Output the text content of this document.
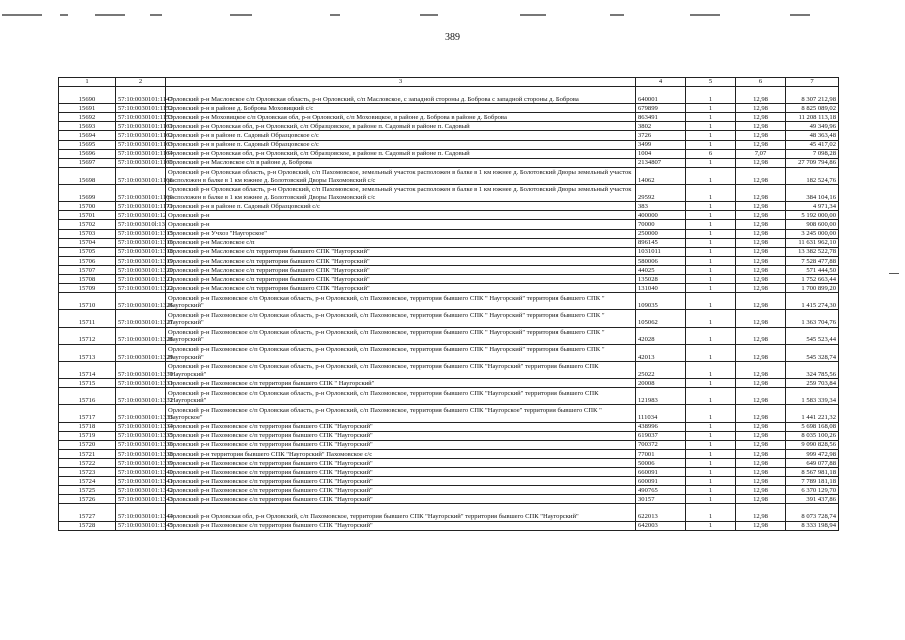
389
1	2	3	4	5	6	7
15690	57:10:0030101:1147	Орловский р-н Масловское с/п Орловская область, р-н Орловский, с/п Масловское, с западной стороны д. Боброва с западной стороны д. Боброва	640001	1	12,98	8 307 212,98
15691	57:10:0030101:1152	Орловский р-н в районе д. Боброва Моховицкий с/с	679899	1	12,98	8 825 089,02
15692	57:10:0030101:1153	Орловский р-н Моховицкое с/п Орловская обл, р-н Орловский, с/п Моховицкое, в районе д. Боброва в районе д. Боброва	863491	1	12,98	11 208 113,18
15693	57:10:0030101:1161	Орловский р-н Орловская обл, р-н Орловский, с/п Образцовское, в районе п. Садовый в районе п. Садовый	3802	1	12,98	49 349,96
15694	57:10:0030101:1162	Орловский р-н в районе п. Садовый Образцовское с/с	3726	1	12,98	48 363,48
15695	57:10:0030101:1163	Орловский р-н в районе п. Садовый Образцовское с/с	3499	1	12,98	45 417,02
15696	57:10:0030101:1164	Орловский р-н Орловская обл, р-н Орловский, с/п Образцовское, в районе п. Садовый в районе п. Садовый	1004	6	7,07	7 098,28
15697	57:10:0030101:1166	Орловский р-н Масловское с/п в районе д. Боброва	2134807	1	12,98	27 709 794,86
15698	57:10:0030101:1168	Орловский р-н Орловская область, р-н Орловский, с/п Пахомовское, земельный участок расположен в балке в 1 км южнее д. Болотовский Дворы земельный участок расположен в балке в 1 км южнее д. Болотовский Дворы Пахомовский с/с	14062	1	12,98	182 524,76
15699	57:10:0030101:1169	Орловский р-н Орловская область, р-н Орловский, с/п Пахомовское, земельный участок расположен в балке в 1 км южнее д. Болотовский Дворы земельный участок расположен в балке в 1 км южнее д. Болотовский Дворы Пахомовский с/с	29592	1	12,98	384 104,16
15700	57:10:0030101:1171	Орловский р-н в районе п. Садовый Образцовский с/с	383	1	12,98	4 971,34
15701	57:10:0030101:12	Орловский р-н	400000	1	12,98	5 192 000,00
15702	57:10:003010l:13	Орловский р-н	70000	1	12,98	908 600,00
15703	57:10:0030101:1315	Орловский р-н Учхоз "Наугорское"	250000	1	12,98	3 245 000,00
15704	57:10:0030101:1316	Орловский р-н Масловское с/п	896145	1	12,98	11 631 962,10
15705	57:10:0030101:1318	Орловский р-н Масловское с/п территория бывшего СПК "Наугорский"	1031011	1	12,98	13 382 522,78
15706	57:10:0030101:1319	Орловский р-н Масловское с/п территория бывшего СПК "Наугорский"	580006	1	12,98	7 528 477,88
15707	57:10:0030101:1320	Орловский р-н Масловское с/п территория бывшего СПК "Наугорский"	44025	1	12,98	571 444,50
15708	57:10:0030101:1321	Орловский р-н Масловское с/п территория бывшего СПК "Наугорский"	135028	1	12,98	1 752 663,44
15709	57:10:0030101:1322	Орловский р-н Масловское с/п территория бывшего СПК "Наугорский"	131040	1	12,98	1 700 899,20
15710	57:10:0030101:1326	Орловский р-н Пахомовское с/п Орловская область, р-н Орловский, с/п Пахомовское, территория бывшего СПК " Наугорский" территория бывшего СПК " Наугорский"	109035	1	12,98	1 415 274,30
15711	57:10:0030101:1327	Орловский р-н Пахомовское с/п Орловская область, р-н Орловский, с/п Пахомовское, территория бывшего СПК " Наугорский" территория бывшего СПК " Наугорский"	105062	1	12,98	1 363 704,76
15712	57:10:0030101:1328	Орловский р-н Пахомовское с/п Орловская область, р-н Орловский, с/п Пахомовское, территория бывшего СПК " Наугорский" территория бывшего СПК " Наугорский"	42028	1	12,98	545 523,44
15713	57:10:0030101:1329	Орловский р-н Пахомовское с/п Орловская область, р-н Орловский, с/п Пахомовское, территория бывшего СПК " Наугорский" территория бывшего СПК " Наугорский"	42013	1	12,98	545 328,74
15714	57:10:0030101:1330	Орловский р-н Пахомовское с/п Орловская область, р-н Орловский, с/п Пахомовское, территория бывшего СПК "Наугорский" территория бывшего СПК "Наугорский"	25022	1	12,98	324 785,56
15715	57:10:0030101:1331	Орловский р-н Пахомовское с/п территория бывшего СПК " Наугорский"	20008	1	12,98	259 703,84
15716	57:10:0030101:1332	Орловский р-н Пахомовское с/п Орловская область, р-н Орловский, с/п Пахомовское, территория бывшего СПК "Наугорский" территория бывшего СПК "Наугорский"	121983	1	12,98	1 583 339,34
15717	57:10:0030101:1333	Орловский р-н Пахомовское с/п Орловская область, р-н Орловский, с/п Пахомовское, территория бывшего СПК "Наугорское" территория бывшего СПК " Наугорское"	111034	1	12,98	1 441 221,32
15718	57:10:0030101:1334	Орловский р-н Пахомовское с/п территория бывшего СПК "Наугорский"	438996	1	12,98	5 698 168,08
15719	57:10:0030101:1335	Орловский р-н Пахомовское с/п территория бывшего СПК "Наугорский"	619037	1	12,98	8 035 100,26
15720	57:10:0030101:1336	Орловский р-н Пахомовское с/п территория бывшего СПК "Наугорский"	700372	1	12,98	9 090 828,56
15721	57:10:0030101:1338	Орловский р-н территория бывшего СПК "Наугорский" Пахомовское с/с	77001	1	12,98	999 472,98
15722	57:10:0030101:1339	Орловский р-н Пахомовское с/п территория бывшего СПК "Наугорский"	50006	1	12,98	649 077,88
15723	57:10:0030101:1340	Орловский р-н Пахомовское с/п территория бывшего СПК "Наугорский"	660091	1	12,98	8 567 981,18
15724	57:10:0030101:1341	Орловский р-н Пахомовское с/п территория бывшего СПК "Наугорский"	600091	1	12,98	7 789 181,18
15725	57:10:0030101:1342	Орловский р-н Пахомовское с/п территория бывшего СПК "Наугорский"	490765	1	12,98	6 370 129,70
15726	57:10:0030101:1343	Орловский р-н Пахомовское с/п территория бывшего СПК "Наугорский"	30157	1	12,98	391 437,86
15727	57:10:0030101:1344	Орловский р-н Орловская обл, р-н Орловский, с/п Пахомовское, территория бывшего СПК "Наугорский" территория бывшего СПК "Наугорский"	622013	1	12,98	8 073 728,74
15728	57:10:0030101:1345	Орловский р-н Пахомовское с/п территория бывшего СПК "Наугорский"	642003	1	12,98	8 333 198,94
